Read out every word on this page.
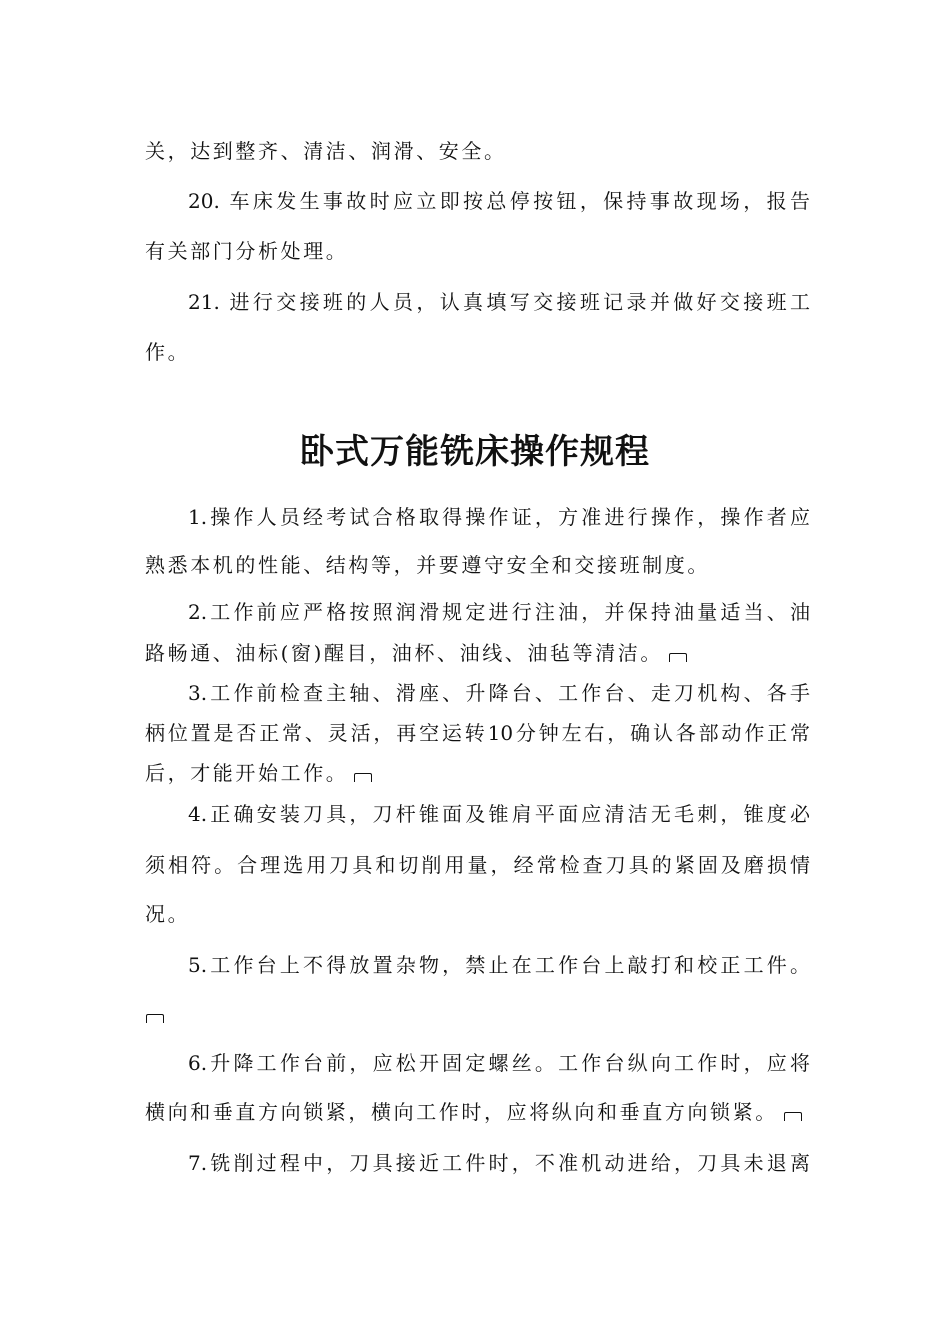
关，达到整齐、清洁、润滑、安全。
20. 车床发生事故时应立即按总停按钮，保持事故现场，报告
有关部门分析处理。
21. 进行交接班的人员，认真填写交接班记录并做好交接班工
作。
卧式万能铣床操作规程
1.操作人员经考试合格取得操作证，方准进行操作，操作者应
熟悉本机的性能、结构等，并要遵守安全和交接班制度。
2.工作前应严格按照润滑规定进行注油，并保持油量适当、油
路畅通、油标(窗)醒目，油杯、油线、油毡等清洁。
3.工作前检查主轴、滑座、升降台、工作台、走刀机构、各手
柄位置是否正常、灵活，再空运转10分钟左右，确认各部动作正常
后，才能开始工作。
4.正确安装刀具，刀杆锥面及锥肩平面应清洁无毛刺，锥度必
须相符。合理选用刀具和切削用量，经常检查刀具的紧固及磨损情
况。
5.工作台上不得放置杂物，禁止在工作台上敲打和校正工件。
6.升降工作台前，应松开固定螺丝。工作台纵向工作时，应将
横向和垂直方向锁紧，横向工作时，应将纵向和垂直方向锁紧。
7.铣削过程中，刀具接近工件时，不准机动进给，刀具未退离
